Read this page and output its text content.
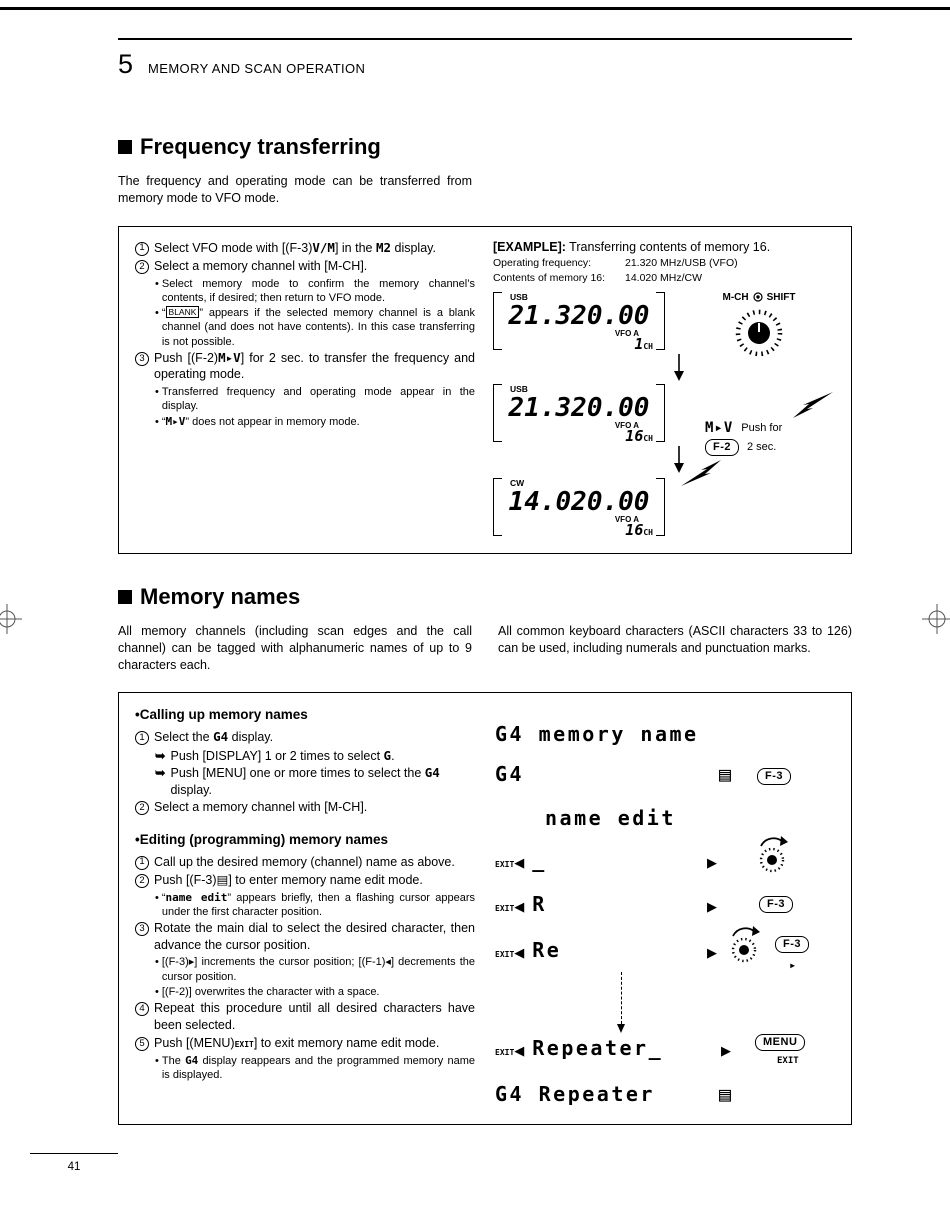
5 MEMORY AND SCAN OPERATION
Frequency transferring

The frequency and operating mode can be transferred from memory mode to VFO mode.

1 Select VFO mode with [(F-3)V/M] in the M2 display.
2 Select a memory channel with [M-CH].
• Select memory mode to confirm the memory channel’s contents, if desired; then return to VFO mode.
• “ BLANK ” appears if the selected memory channel is a blank channel (and does not have contents). In this case transferring is not possible.
3 Push [(F-2)M▸V] for 2 sec. to transfer the frequency and operating mode.
• Transferred frequency and operating mode appear in the display.
• “M▸V” does not appear in memory mode.
[EXAMPLE]: Transferring contents of memory 16.
Operating frequency:	21.320 MHz/USB (VFO)
Contents of memory 16:	14.020 MHz/CW
USB
21.320.00
VFO A
1CH
M-CH SHIFT
USB
21.320.00
VFO A
16CH
M▸V Push for
F-2	2 sec.
CW
14.020.00
VFO A
16CH
Memory names

All memory channels (including scan edges and the call channel) can be tagged with alphanumeric names of up to 9 characters each.

All common keyboard characters (ASCII characters 33 to 126) can be used, including numerals and punctuation marks.

•Calling up memory names
1 Select the G4 display.
➥ Push [DISPLAY] 1 or 2 times to select G.
➥ Push [MENU] one or more times to select the G4 display.
2 Select a memory channel with [M-CH].
•Editing (programming) memory names
1 Call up the desired memory (channel) name as above.
2 Push [(F-3)▤] to enter memory name edit mode.
• “name edit” appears briefly, then a flashing cursor appears under the first character position.
3 Rotate the main dial to select the desired character, then advance the cursor position.
• [(F-3)▸] increments the cursor position; [(F-1)◂] decrements the cursor position.
• [(F-2)] overwrites the character with a space.
4 Repeat this procedure until all desired characters have been selected.
5 Push [(MENU)EXIT] to exit memory name edit mode.
• The G4 display reappears and the programmed memory name is displayed.
G4 memory name
G4	▤	F-3
name edit
EXIT ◀ _	▶
EXIT ◀ R	▶	F-3
EXIT ◀ Re	▶
F-3
▸
EXIT ◀ Repeater_	▶
MENU
EXIT
G4 Repeater	▤
41
